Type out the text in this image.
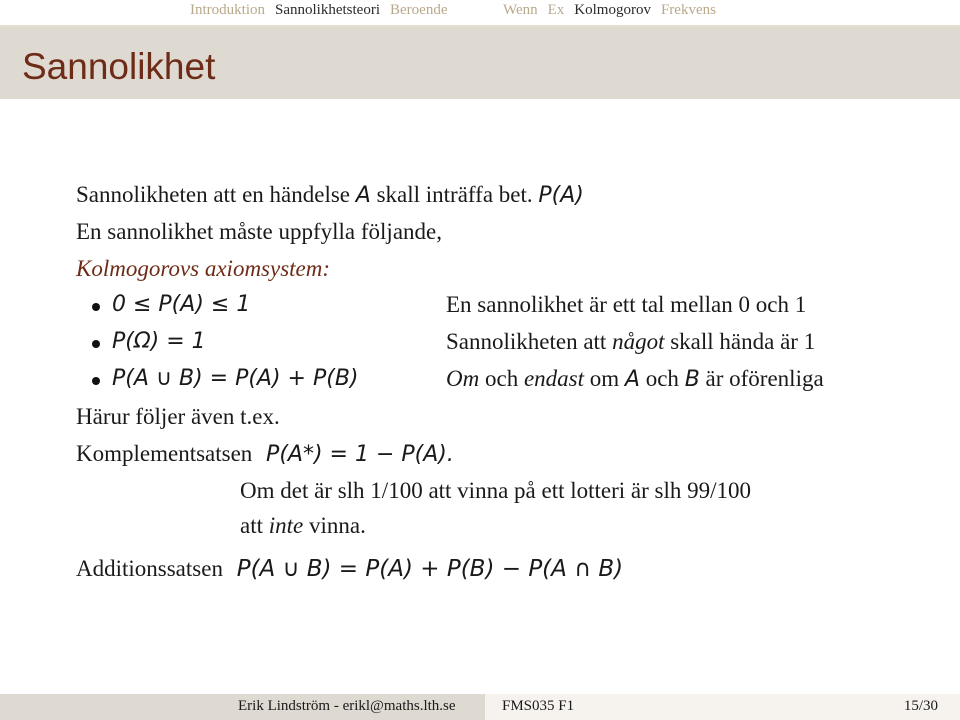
Introduktion Sannolikhetsteori Beroende	Wenn Ex Kolmogorov Frekvens
Sannolikhet
Sannolikheten att en händelse A skall inträffa bet. P(A)
En sannolikhet måste uppfylla följande,
Kolmogorovs axiomsystem:
0 ≤ P(A) ≤ 1	En sannolikhet är ett tal mellan 0 och 1
P(Ω) = 1	Sannolikheten att något skall hända är 1
P(A ∪ B) = P(A) + P(B)	Om och endast om A och B är oförenliga
Härur följer även t.ex.
Komplementsatsen P(A*) = 1 − P(A).
Om det är slh 1/100 att vinna på ett lotteri är slh 99/100
att inte vinna.
Additionssatsen P(A ∪ B) = P(A) + P(B) − P(A ∩ B)
Erik Lindström - erikl@maths.lth.se	FMS035 F1	15/30
